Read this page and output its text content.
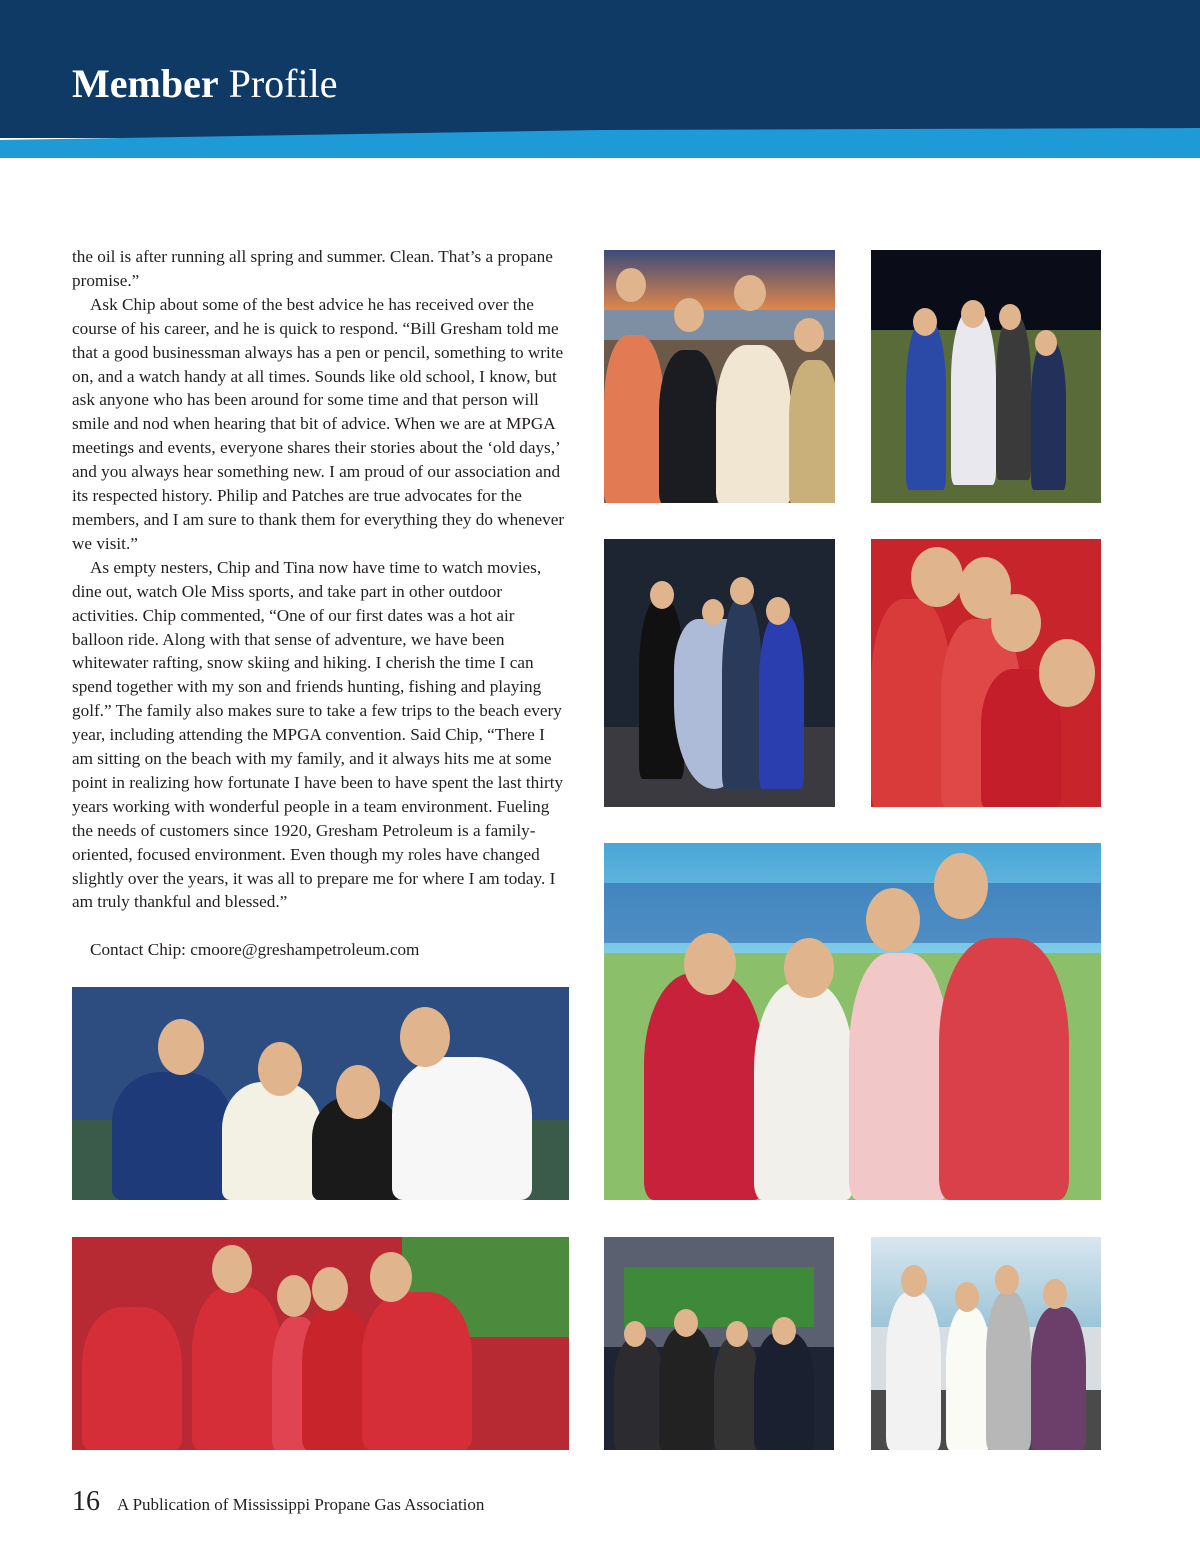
Member Profile

the oil is after running all spring and summer. Clean. That’s a propane promise.”

Ask Chip about some of the best advice he has received over the course of his career, and he is quick to respond. “Bill Gresham told me that a good businessman always has a pen or pencil, something to write on, and a watch handy at all times. Sounds like old school, I know, but ask anyone who has been around for some time and that person will smile and nod when hearing that bit of advice. When we are at MPGA meetings and events, everyone shares their stories about the ‘old days,’ and you always hear something new. I am proud of our association and its respected history. Philip and Patches are true advocates for the members, and I am sure to thank them for everything they do whenever we visit.”

As empty nesters, Chip and Tina now have time to watch movies, dine out, watch Ole Miss sports, and take part in other outdoor activities. Chip commented, “One of our first dates was a hot air balloon ride. Along with that sense of adventure, we have been whitewater rafting, snow skiing and hiking. I cherish the time I can spend together with my son and friends hunting, fishing and playing golf.” The family also makes sure to take a few trips to the beach every year, including attending the MPGA convention. Said Chip, “There I am sitting on the beach with my family, and it always hits me at some point in realizing how fortunate I have been to have spent the last thirty years working with wonderful people in a team environment. Fueling the needs of customers since 1920, Gresham Petroleum is a family-oriented, focused environment. Even though my roles have changed slightly over the years, it was all to prepare me for where I am today. I am truly thankful and blessed.”

Contact Chip: cmoore@greshampetroleum.com

16 A Publication of Mississippi Propane Gas Association
